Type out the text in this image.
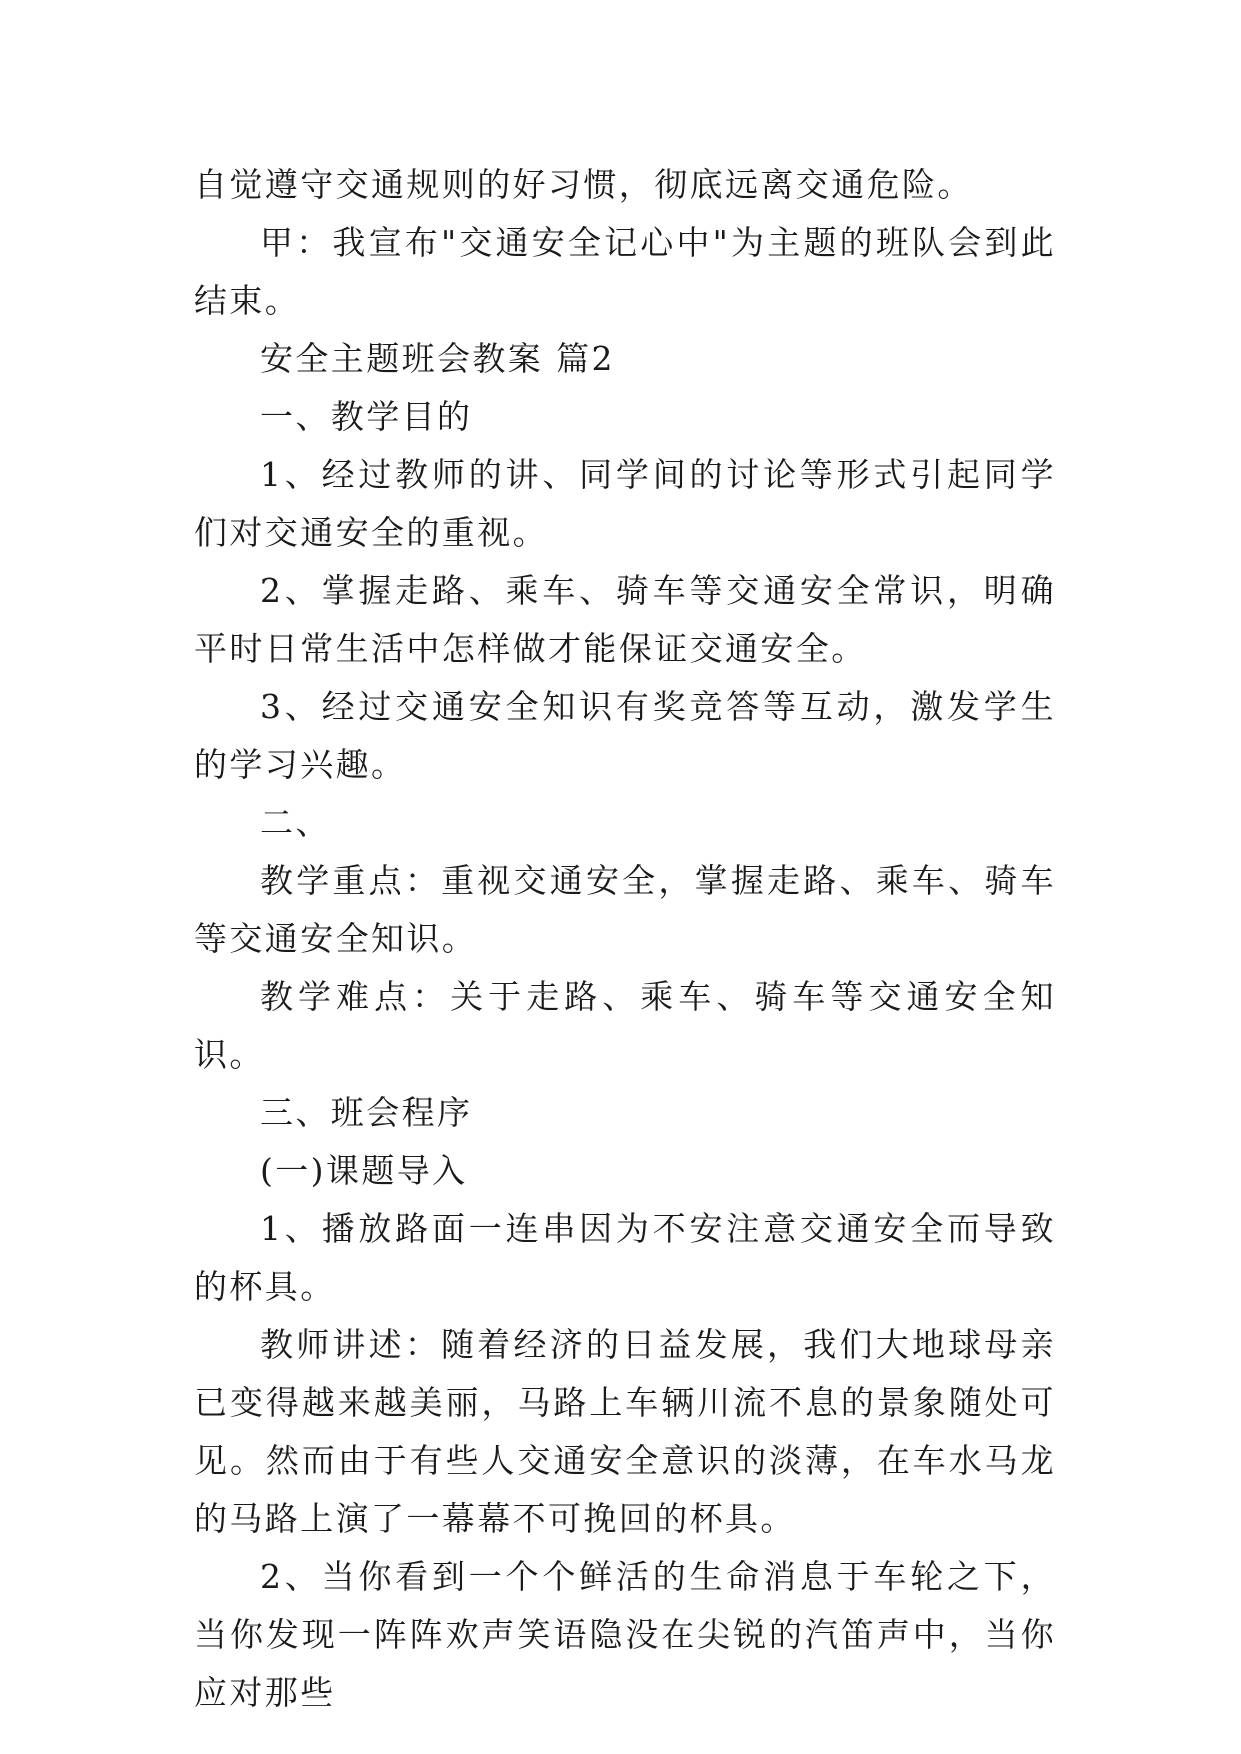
自觉遵守交通规则的好习惯，彻底远离交通危险。

甲：我宣布"交通安全记心中"为主题的班队会到此结束。

安全主题班会教案 篇2

一、教学目的

1、经过教师的讲、同学间的讨论等形式引起同学们对交通安全的重视。

2、掌握走路、乘车、骑车等交通安全常识，明确平时日常生活中怎样做才能保证交通安全。

3、经过交通安全知识有奖竞答等互动，激发学生的学习兴趣。

二、

教学重点：重视交通安全，掌握走路、乘车、骑车等交通安全知识。

教学难点：关于走路、乘车、骑车等交通安全知识。

三、班会程序

(一)课题导入

1、播放路面一连串因为不安注意交通安全而导致的杯具。

教师讲述：随着经济的日益发展，我们大地球母亲已变得越来越美丽，马路上车辆川流不息的景象随处可见。然而由于有些人交通安全意识的淡薄，在车水马龙的马路上演了一幕幕不可挽回的杯具。

2、当你看到一个个鲜活的生命消息于车轮之下，当你发现一阵阵欢声笑语隐没在尖锐的汽笛声中，当你应对那些
